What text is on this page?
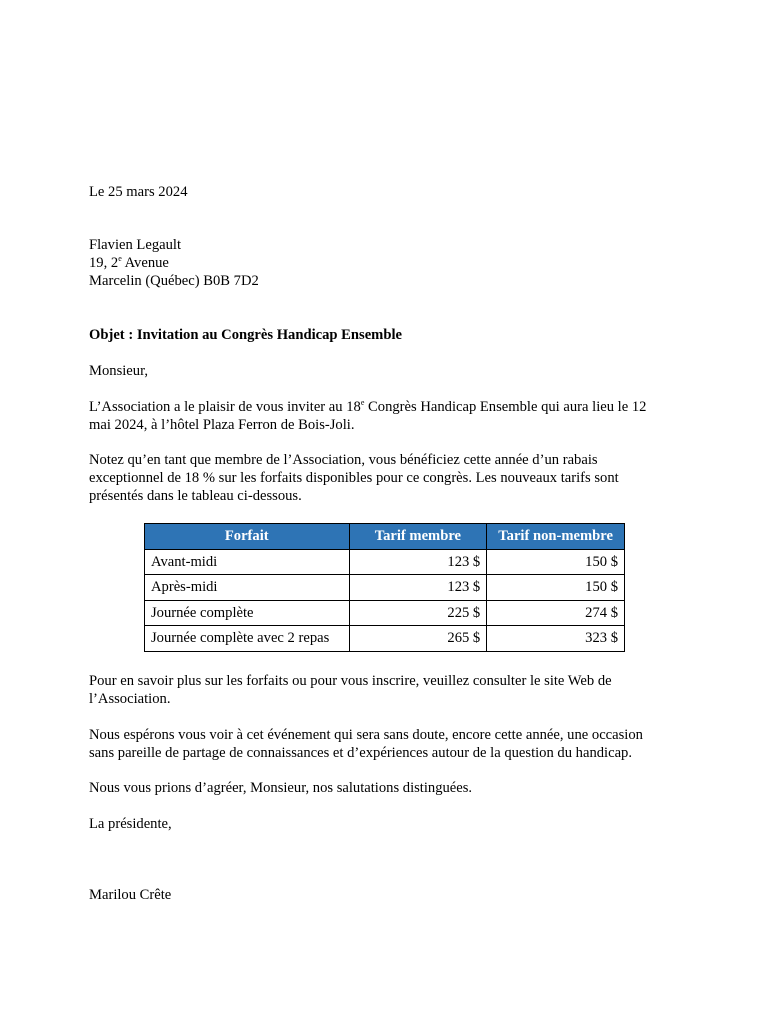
Le 25 mars 2024
Flavien Legault
19, 2e Avenue
Marcelin (Québec) B0B 7D2
Objet : Invitation au Congrès Handicap Ensemble
Monsieur,
L’Association a le plaisir de vous inviter au 18e Congrès Handicap Ensemble qui aura lieu le 12 mai 2024, à l’hôtel Plaza Ferron de Bois-Joli.
Notez qu’en tant que membre de l’Association, vous bénéficiez cette année d’un rabais exceptionnel de 18 % sur les forfaits disponibles pour ce congrès. Les nouveaux tarifs sont présentés dans le tableau ci-dessous.
Forfait	Tarif membre	Tarif non-membre
Avant-midi	123 $	150 $
Après-midi	123 $	150 $
Journée complète	225 $	274 $
Journée complète avec 2 repas	265 $	323 $
Pour en savoir plus sur les forfaits ou pour vous inscrire, veuillez consulter le site Web de l’Association.
Nous espérons vous voir à cet événement qui sera sans doute, encore cette année, une occasion sans pareille de partage de connaissances et d’expériences autour de la question du handicap.
Nous vous prions d’agréer, Monsieur, nos salutations distinguées.
La présidente,
Marilou Crête
